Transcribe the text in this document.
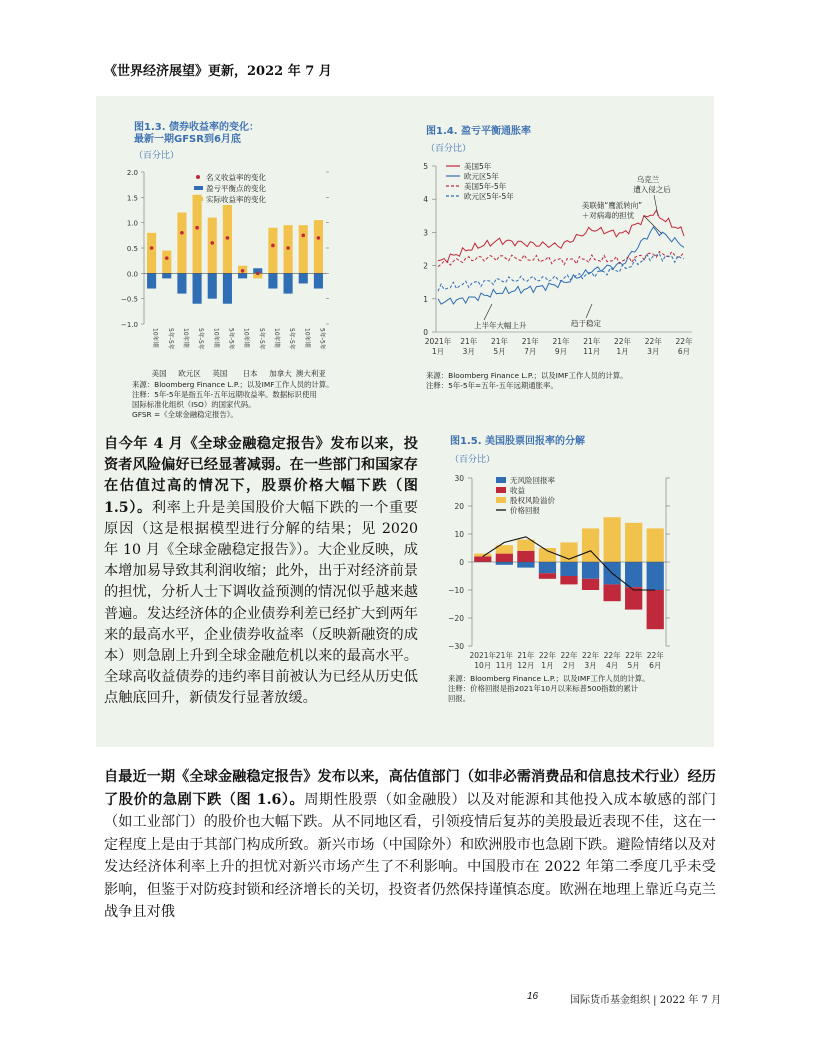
《世界经济展望》更新，2022 年 7 月
图1.3. 债券收益率的变化：
最新一期GFSR到6月底
（百分比）
2.0
1.5
1.0
0.5
0.0
−0.5
−1.0
10年期 5年-5年 10年期 5年-5年 10年期 5年-5年 10年期 5年-5年 10年期 5年-5年 10年期 5年-5年
美国 欧元区 英国 日本 加拿大 澳大利亚
名义收益率的变化
盈亏平衡点的变化
实际收益率的变化
来源：Bloomberg Finance L.P.；以及IMF工作人员的计算。
注释：5年-5年是指五年-五年远期收益率。数据标识使用
国际标准化组织（ISO）的国家代码。
GFSR =《全球金融稳定报告》。
图1.4. 盈亏平衡通胀率
（百分比）
5
4
3
2
1
0
2021年
1月
21年
3月
21年
5月
21年
7月
21年
9月
21年
11月
22年
1月
22年
3月
22年
6月
美国5年
欧元区5年
美国5年-5年
欧元区5年-5年
乌克兰
遭入侵之后
美联储“鹰派转向”
＋对病毒的担忧
趋于稳定
上半年大幅上升
来源：Bloomberg Finance L.P.；以及IMF工作人员的计算。
注释：5年-5年=五年-五年远期通胀率。
图1.5. 美国股票回报率的分解
（百分比）
30
20
10
0
−10
−20
−30
2021年
10月
21年
11月
21年
12月
22年
1月
22年
2月
22年
3月
22年
4月
22年
5月
22年
6月
无风险回报率
收益
股权风险溢价
价格回报
来源：Bloomberg Finance L.P.；以及IMF工作人员的计算。
注释：价格回报是指2021年10月以来标普500指数的累计
回报。
自今年 4 月《全球金融稳定报告》发布以来，投资者风险偏好已经显著减弱。在一些部门和国家存在估值过高的情况下，股票价格大幅下跌（图 1.5）。利率上升是美国股价大幅下跌的一个重要原因（这是根据模型进行分解的结果；见 2020 年 10 月《全球金融稳定报告》）。大企业反映，成本增加易导致其利润收缩；此外，出于对经济前景的担忧，分析人士下调收益预测的情况似乎越来越普遍。发达经济体的企业债券利差已经扩大到两年来的最高水平，企业债券收益率（反映新融资的成本）则急剧上升到全球金融危机以来的最高水平。全球高收益债券的违约率目前被认为已经从历史低点触底回升，新债发行显著放缓。
自最近一期《全球金融稳定报告》发布以来，高估值部门（如非必需消费品和信息技术行业）经历了股价的急剧下跌（图 1.6）。周期性股票（如金融股）以及对能源和其他投入成本敏感的部门（如工业部门）的股价也大幅下跌。从不同地区看，引领疫情后复苏的美股最近表现不佳，这在一定程度上是由于其部门构成所致。新兴市场（中国除外）和欧洲股市也急剧下跌。避险情绪以及对发达经济体利率上升的担忧对新兴市场产生了不利影响。中国股市在 2022 年第二季度几乎未受影响，但鉴于对防疫封锁和经济增长的关切，投资者仍然保持谨慎态度。欧洲在地理上靠近乌克兰战争且对俄
16	国际货币基金组织 | 2022 年 7 月
